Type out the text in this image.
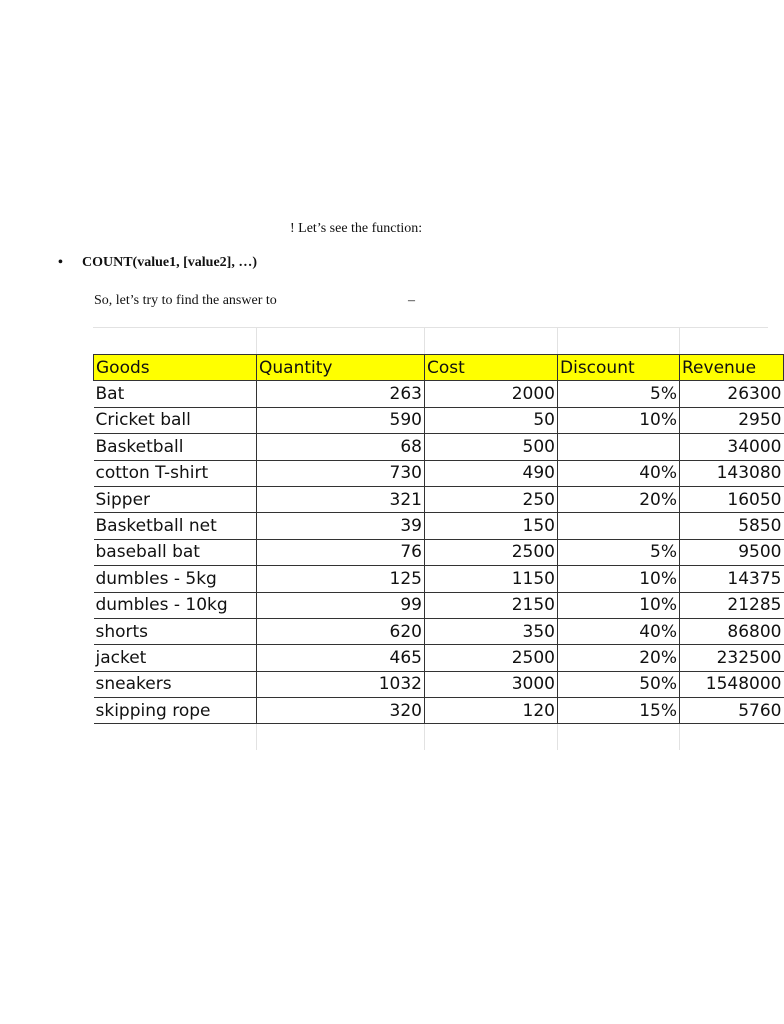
! Let’s see the function:
• COUNT(value1, [value2], …)
So, let’s try to find the answer to	–
Goods	Quantity	Cost	Discount	Revenue
Bat	263	2000	5%	26300
Cricket ball	590	50	10%	2950
Basketball	68	500		34000
cotton T-shirt	730	490	40%	143080
Sipper	321	250	20%	16050
Basketball net	39	150		5850
baseball bat	76	2500	5%	9500
dumbles - 5kg	125	1150	10%	14375
dumbles - 10kg	99	2150	10%	21285
shorts	620	350	40%	86800
jacket	465	2500	20%	232500
sneakers	1032	3000	50%	1548000
skipping rope	320	120	15%	5760
